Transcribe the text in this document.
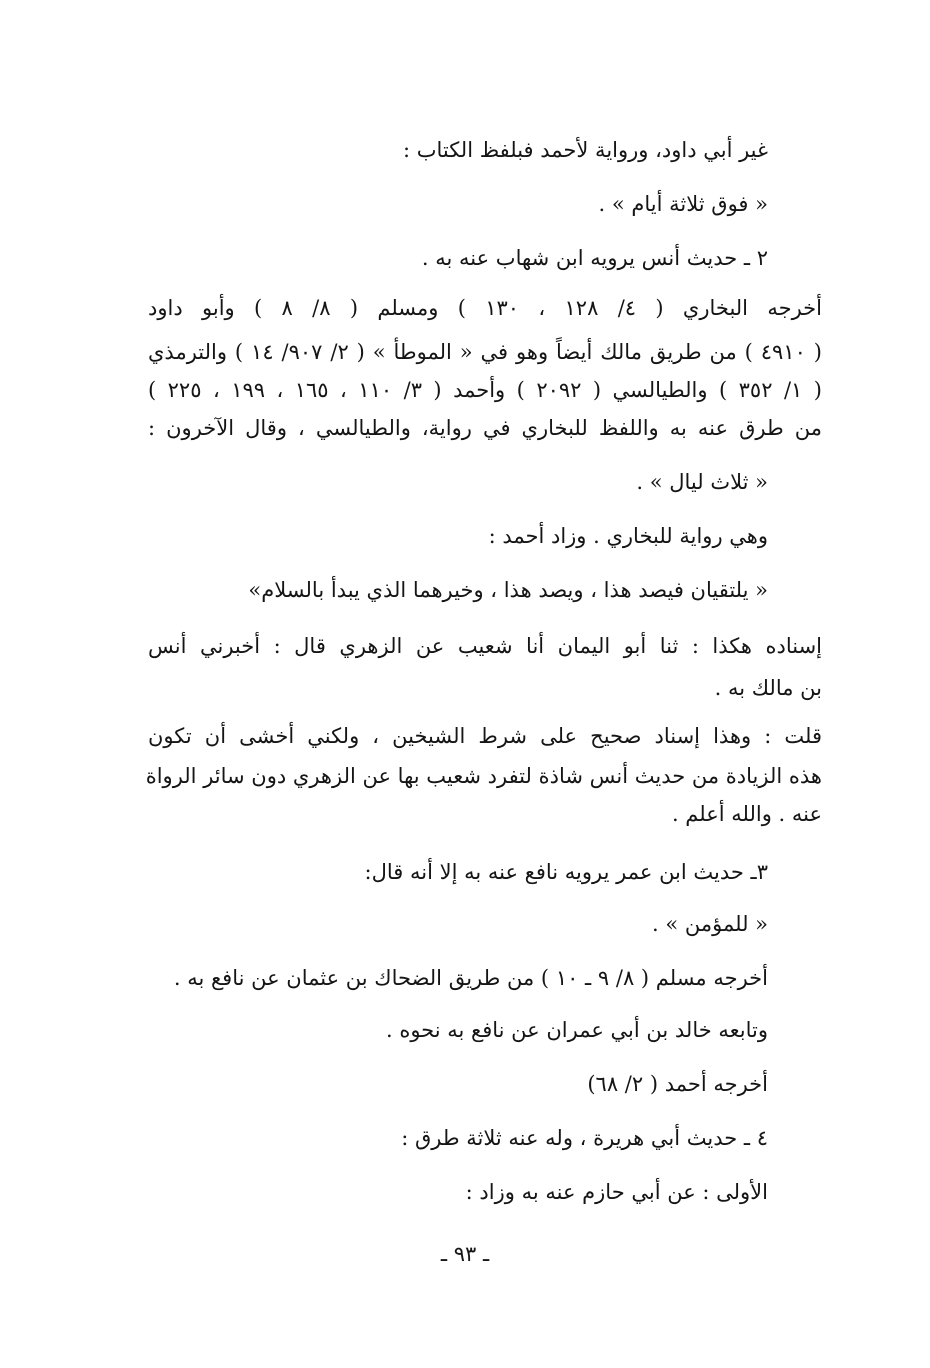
غير أبي داود، ورواية لأحمد فبلفظ الكتاب :
« فوق ثلاثة أيام » .
٢ ـ حديث أنس يرويه ابن شهاب عنه به .
أخرجه البخاري ( ٤/ ١٢٨ ، ١٣٠ ) ومسلم ( ٨/ ٨ ) وأبو داود
( ٤٩١٠ ) من طريق مالك أيضاً وهو في « الموطأ » ( ٢/ ٩٠٧/ ١٤ ) والترمذي
( ١/ ٣٥٢ ) والطيالسي ( ٢٠٩٢ ) وأحمد ( ٣/ ١١٠ ، ١٦٥ ، ١٩٩ ، ٢٢٥ )
من طرق عنه به واللفظ للبخاري في رواية، والطيالسي ، وقال الآخرون :
« ثلاث ليال » .
وهي رواية للبخاري . وزاد أحمد :
« يلتقيان فيصد هذا ، ويصد هذا ، وخيرهما الذي يبدأ بالسلام»
إسناده هكذا : ثنا أبو اليمان أنا شعيب عن الزهري قال : أخبرني أنس
بن مالك به .
قلت : وهذا إسناد صحيح على شرط الشيخين ، ولكني أخشى أن تكون
هذه الزيادة من حديث أنس شاذة لتفرد شعيب بها عن الزهري دون سائر الرواة
عنه . والله أعلم .
٣ـ حديث ابن عمر يرويه نافع عنه به إلا أنه قال:
« للمؤمن » .
أخرجه مسلم ( ٨/ ٩ ـ ١٠ ) من طريق الضحاك بن عثمان عن نافع به .
وتابعه خالد بن أبي عمران عن نافع به نحوه .
أخرجه أحمد ( ٢/ ٦٨)
٤ ـ حديث أبي هريرة ، وله عنه ثلاثة طرق :
الأولى : عن أبي حازم عنه به وزاد :
ـ ٩٣ ـ
